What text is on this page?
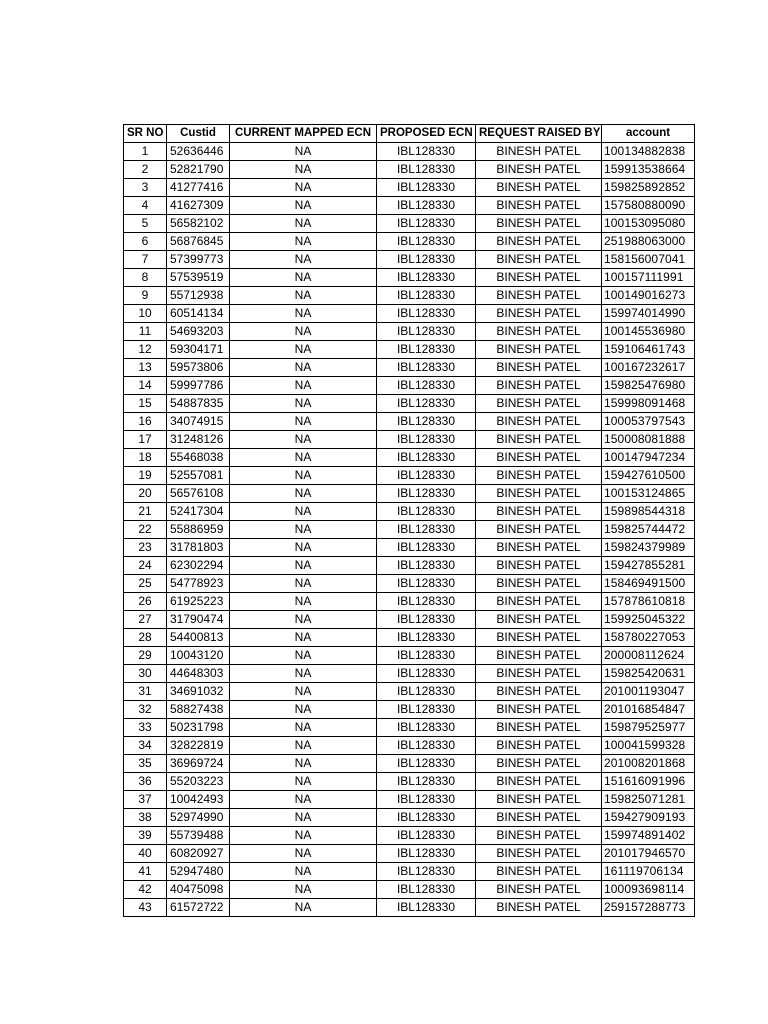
SR NO	Custid	CURRENT MAPPED ECN	PROPOSED ECN	REQUEST RAISED BY	account
1	52636446	NA	IBL128330	BINESH PATEL	100134882838
2	52821790	NA	IBL128330	BINESH PATEL	159913538664
3	41277416	NA	IBL128330	BINESH PATEL	159825892852
4	41627309	NA	IBL128330	BINESH PATEL	157580880090
5	56582102	NA	IBL128330	BINESH PATEL	100153095080
6	56876845	NA	IBL128330	BINESH PATEL	251988063000
7	57399773	NA	IBL128330	BINESH PATEL	158156007041
8	57539519	NA	IBL128330	BINESH PATEL	100157111991
9	55712938	NA	IBL128330	BINESH PATEL	100149016273
10	60514134	NA	IBL128330	BINESH PATEL	159974014990
11	54693203	NA	IBL128330	BINESH PATEL	100145536980
12	59304171	NA	IBL128330	BINESH PATEL	159106461743
13	59573806	NA	IBL128330	BINESH PATEL	100167232617
14	59997786	NA	IBL128330	BINESH PATEL	159825476980
15	54887835	NA	IBL128330	BINESH PATEL	159998091468
16	34074915	NA	IBL128330	BINESH PATEL	100053797543
17	31248126	NA	IBL128330	BINESH PATEL	150008081888
18	55468038	NA	IBL128330	BINESH PATEL	100147947234
19	52557081	NA	IBL128330	BINESH PATEL	159427610500
20	56576108	NA	IBL128330	BINESH PATEL	100153124865
21	52417304	NA	IBL128330	BINESH PATEL	159898544318
22	55886959	NA	IBL128330	BINESH PATEL	159825744472
23	31781803	NA	IBL128330	BINESH PATEL	159824379989
24	62302294	NA	IBL128330	BINESH PATEL	159427855281
25	54778923	NA	IBL128330	BINESH PATEL	158469491500
26	61925223	NA	IBL128330	BINESH PATEL	157878610818
27	31790474	NA	IBL128330	BINESH PATEL	159925045322
28	54400813	NA	IBL128330	BINESH PATEL	158780227053
29	10043120	NA	IBL128330	BINESH PATEL	200008112624
30	44648303	NA	IBL128330	BINESH PATEL	159825420631
31	34691032	NA	IBL128330	BINESH PATEL	201001193047
32	58827438	NA	IBL128330	BINESH PATEL	201016854847
33	50231798	NA	IBL128330	BINESH PATEL	159879525977
34	32822819	NA	IBL128330	BINESH PATEL	100041599328
35	36969724	NA	IBL128330	BINESH PATEL	201008201868
36	55203223	NA	IBL128330	BINESH PATEL	151616091996
37	10042493	NA	IBL128330	BINESH PATEL	159825071281
38	52974990	NA	IBL128330	BINESH PATEL	159427909193
39	55739488	NA	IBL128330	BINESH PATEL	159974891402
40	60820927	NA	IBL128330	BINESH PATEL	201017946570
41	52947480	NA	IBL128330	BINESH PATEL	161119706134
42	40475098	NA	IBL128330	BINESH PATEL	100093698114
43	61572722	NA	IBL128330	BINESH PATEL	259157288773
